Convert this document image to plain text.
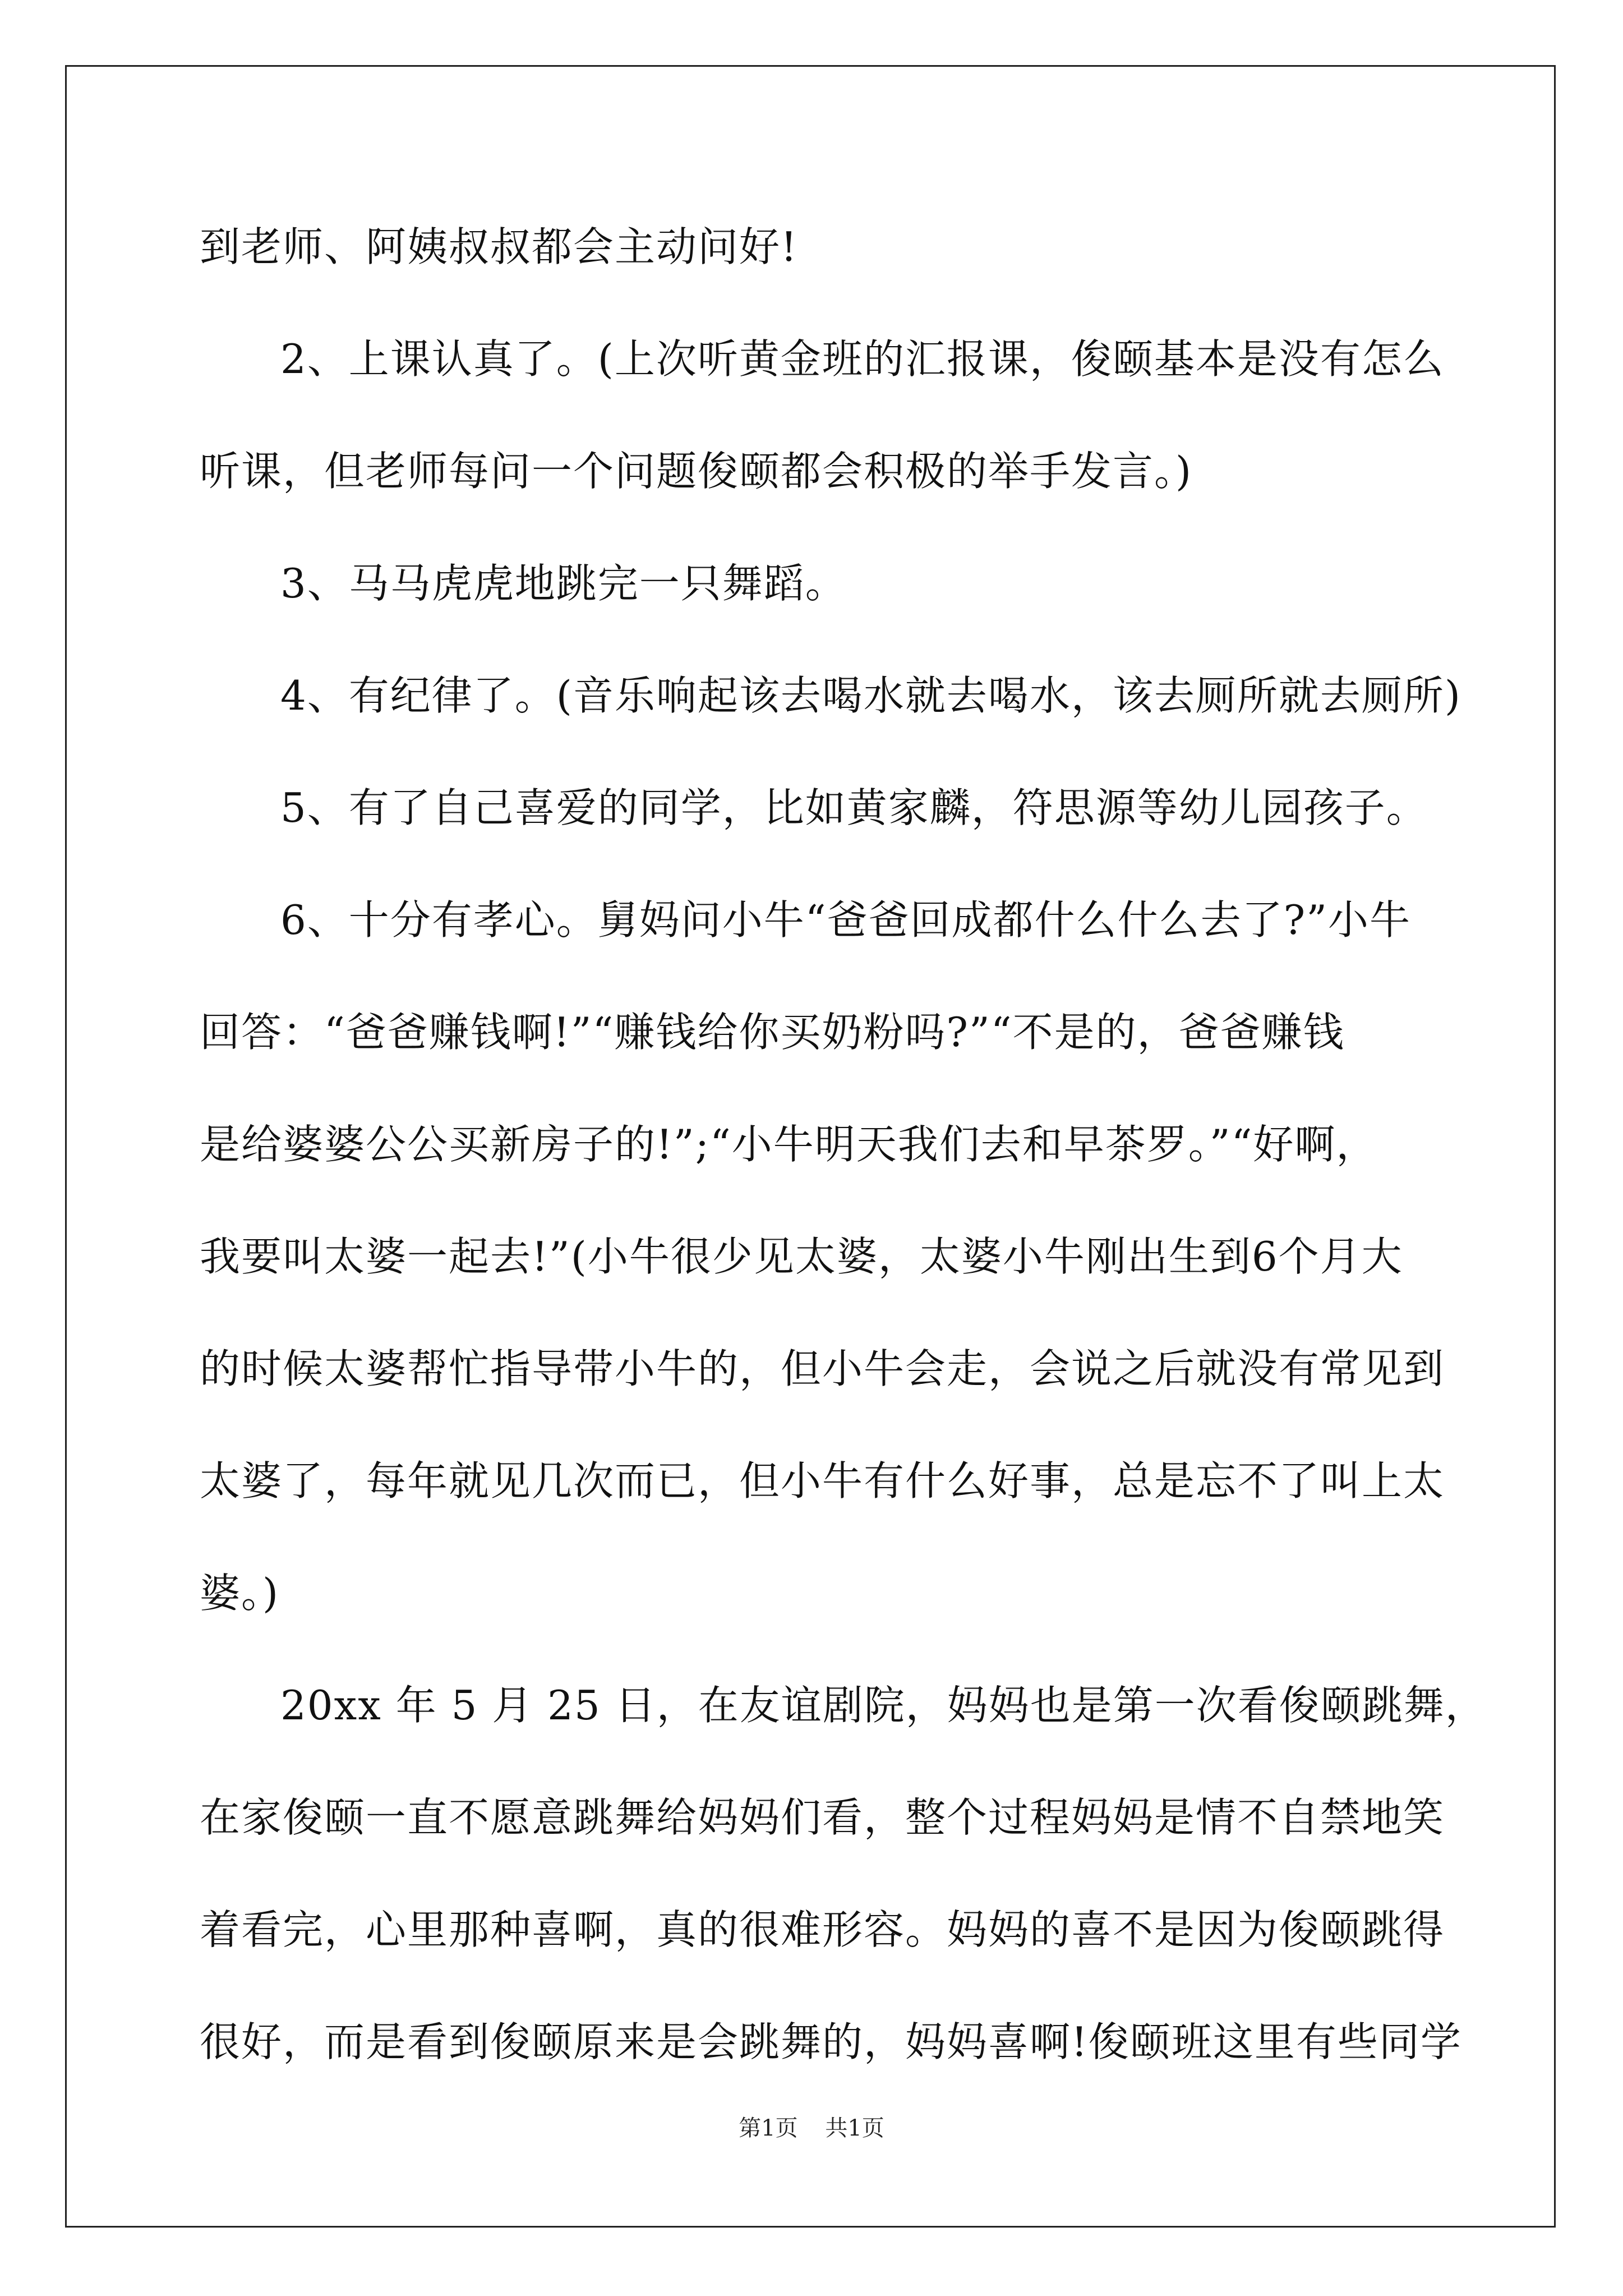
到老师、阿姨叔叔都会主动问好!
2、上课认真了。(上次听黄金班的汇报课，俊颐基本是没有怎么
听课，但老师每问一个问题俊颐都会积极的举手发言。)
3、马马虎虎地跳完一只舞蹈。
4、有纪律了。(音乐响起该去喝水就去喝水，该去厕所就去厕所)
5、有了自己喜爱的同学，比如黄家麟，符思源等幼儿园孩子。
6、十分有孝心。舅妈问小牛“爸爸回成都什么什么去了?”小牛
回答：“爸爸赚钱啊!”“赚钱给你买奶粉吗?”“不是的，爸爸赚钱
是给婆婆公公买新房子的!”;“小牛明天我们去和早茶罗。”“好啊，
我要叫太婆一起去!”(小牛很少见太婆，太婆小牛刚出生到6个月大
的时候太婆帮忙指导带小牛的，但小牛会走，会说之后就没有常见到
太婆了，每年就见几次而已，但小牛有什么好事，总是忘不了叫上太
婆。)
20xx 年 5 月 25 日，在友谊剧院，妈妈也是第一次看俊颐跳舞，
在家俊颐一直不愿意跳舞给妈妈们看，整个过程妈妈是情不自禁地笑
着看完，心里那种喜啊，真的很难形容。妈妈的喜不是因为俊颐跳得
很好，而是看到俊颐原来是会跳舞的，妈妈喜啊!俊颐班这里有些同学
第1页 共1页
